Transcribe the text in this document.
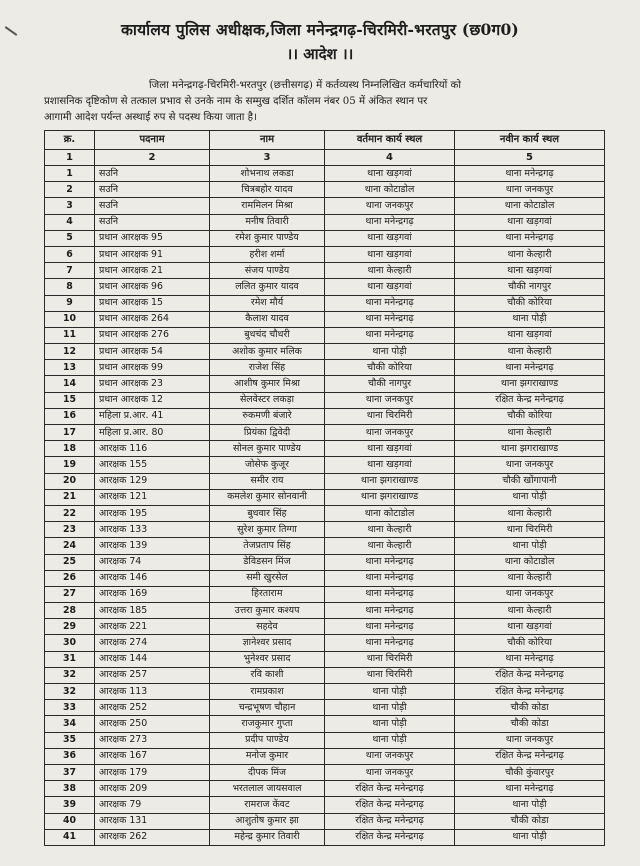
कार्यालय पुलिस अधीक्षक,जिला मनेन्द्रगढ़-चिरमिरी-भरतपुर (छ0ग0)
।। आदेश ।।
जिला मनेन्द्रगढ़-चिरमिरी-भरतपुर (छत्तीसगढ़) में कर्तव्यस्थ निम्नलिखित कर्मचारियों को
प्रशासनिक दृष्टिकोण से तत्काल प्रभाव से उनके नाम के सम्मुख दर्शित कॉलम नंबर 05 में अंकित स्थान पर
आगामी आदेश पर्यन्त अस्थाई रुप से पदस्थ किया जाता है।
क्र.	पदनाम	नाम	वर्तमान कार्य स्थल	नवीन कार्य स्थल
1	2	3	4	5
1	सउनि	शोभनाथ लकडा	थाना खड़गवां	थाना मनेन्द्रगढ़
2	सउनि	चित्रबहोर यादव	थाना कोटाडोल	थाना जनकपुर
3	सउनि	राममिलन मिश्रा	थाना जनकपुर	थाना कोटाडोल
4	सउनि	मनीष तिवारी	थाना मनेन्द्रगढ़	थाना खड़गवां
5	प्रधान आरक्षक 95	रमेश कुमार पाण्डेय	थाना खड़गवां	थाना मनेन्द्रगढ़
6	प्रधान आरक्षक 91	हरीश शर्मा	थाना खड़गवां	थाना केल्हारी
7	प्रधान आरक्षक 21	संजय पाण्डेय	थाना केल्हारी	थाना खड़गवां
8	प्रधान आरक्षक 96	ललित कुमार यादव	थाना खड़गवां	चौकी नागपुर
9	प्रधान आरक्षक 15	रमेश मौर्य	थाना मनेन्द्रगढ़	चौकी कोरिया
10	प्रधान आरक्षक 264	कैलाश यादव	थाना मनेन्द्रगढ़	थाना पोड़ी
11	प्रधान आरक्षक 276	बुधचंद चौधरी	थाना मनेन्द्रगढ़	थाना खड़गवां
12	प्रधान आरक्षक 54	अशोक कुमार मलिक	थाना पोड़ी	थाना केल्हारी
13	प्रधान आरक्षक 99	राजेश सिंह	चौकी कोरिया	थाना मनेन्द्रगढ़
14	प्रधान आरक्षक 23	आशीष कुमार मिश्रा	चौकी नागपुर	थाना झगराखाण्ड
15	प्रधान आरक्षक 12	सेलवेस्टर लकड़ा	थाना जनकपुर	रक्षित केन्द्र मनेन्द्रगढ़
16	महिला प्र.आर. 41	रुकमणी बंजारे	थाना चिरमिरी	चौकी कोरिया
17	महिला प्र.आर. 80	प्रियंका द्विवेदी	थाना जनकपुर	थाना केल्हारी
18	आरक्षक 116	सोनल कुमार पाण्डेय	थाना खड़गवां	थाना झगराखाण्ड
19	आरक्षक 155	जोसेफ कुजूर	थाना खड़गवां	थाना जनकपुर
20	आरक्षक 129	समीर राय	थाना झगराखाण्ड	चौकी खोंगापानी
21	आरक्षक 121	कमलेश कुमार सोनवानी	थाना झगराखाण्ड	थाना पोड़ी
22	आरक्षक 195	बुधवार सिंह	थाना कोटाडोल	थाना केल्हारी
23	आरक्षक 133	सुरेश कुमार तिग्गा	थाना केल्हारी	थाना चिरमिरी
24	आरक्षक 139	तेजप्रताप सिंह	थाना केल्हारी	थाना पोड़ी
25	आरक्षक 74	डेविडसन मिंज	थाना मनेन्द्रगढ़	थाना कोटाडोल
26	आरक्षक 146	समी खुरसेल	थाना मनेन्द्रगढ़	थाना केल्हारी
27	आरक्षक 169	हिरताराम	थाना मनेन्द्रगढ़	थाना जनकपुर
28	आरक्षक 185	उत्तरा कुमार कश्यप	थाना मनेन्द्रगढ़	थाना केल्हारी
29	आरक्षक 221	सहदेव	थाना मनेन्द्रगढ़	थाना खड़गवां
30	आरक्षक 274	ज्ञानेश्वर प्रसाद	थाना मनेन्द्रगढ़	चौकी कोरिया
31	आरक्षक 144	भुनेश्वर प्रसाद	थाना चिरमिरी	थाना मनेन्द्रगढ़
32	आरक्षक 257	रवि काशी	थाना चिरमिरी	रक्षित केन्द्र मनेन्द्रगढ़
32	आरक्षक 113	रामप्रकाश	थाना पोड़ी	रक्षित केन्द्र मनेन्द्रगढ़
33	आरक्षक 252	चन्द्रभूषण चौहान	थाना पोड़ी	चौकी कोडा
34	आरक्षक 250	राजकुमार गुप्ता	थाना पोड़ी	चौकी कोडा
35	आरक्षक 273	प्रदीप पाण्डेय	थाना पोड़ी	थाना जनकपुर
36	आरक्षक 167	मनोज कुमार	थाना जनकपुर	रक्षित केन्द्र मनेन्द्रगढ़
37	आरक्षक 179	दीपक मिंज	थाना जनकपुर	चौकी कुंवारपुर
38	आरक्षक 209	भरतलाल जायसवाल	रक्षित केन्द्र मनेन्द्रगढ़	थाना मनेन्द्रगढ़
39	आरक्षक 79	रामराज केंवट	रक्षित केन्द्र मनेन्द्रगढ़	थाना पोड़ी
40	आरक्षक 131	आशुतोष कुमार झा	रक्षित केन्द्र मनेन्द्रगढ़	चौकी कोडा
41	आरक्षक 262	महेन्द्र कुमार तिवारी	रक्षित केन्द्र मनेन्द्रगढ़	थाना पोड़ी
